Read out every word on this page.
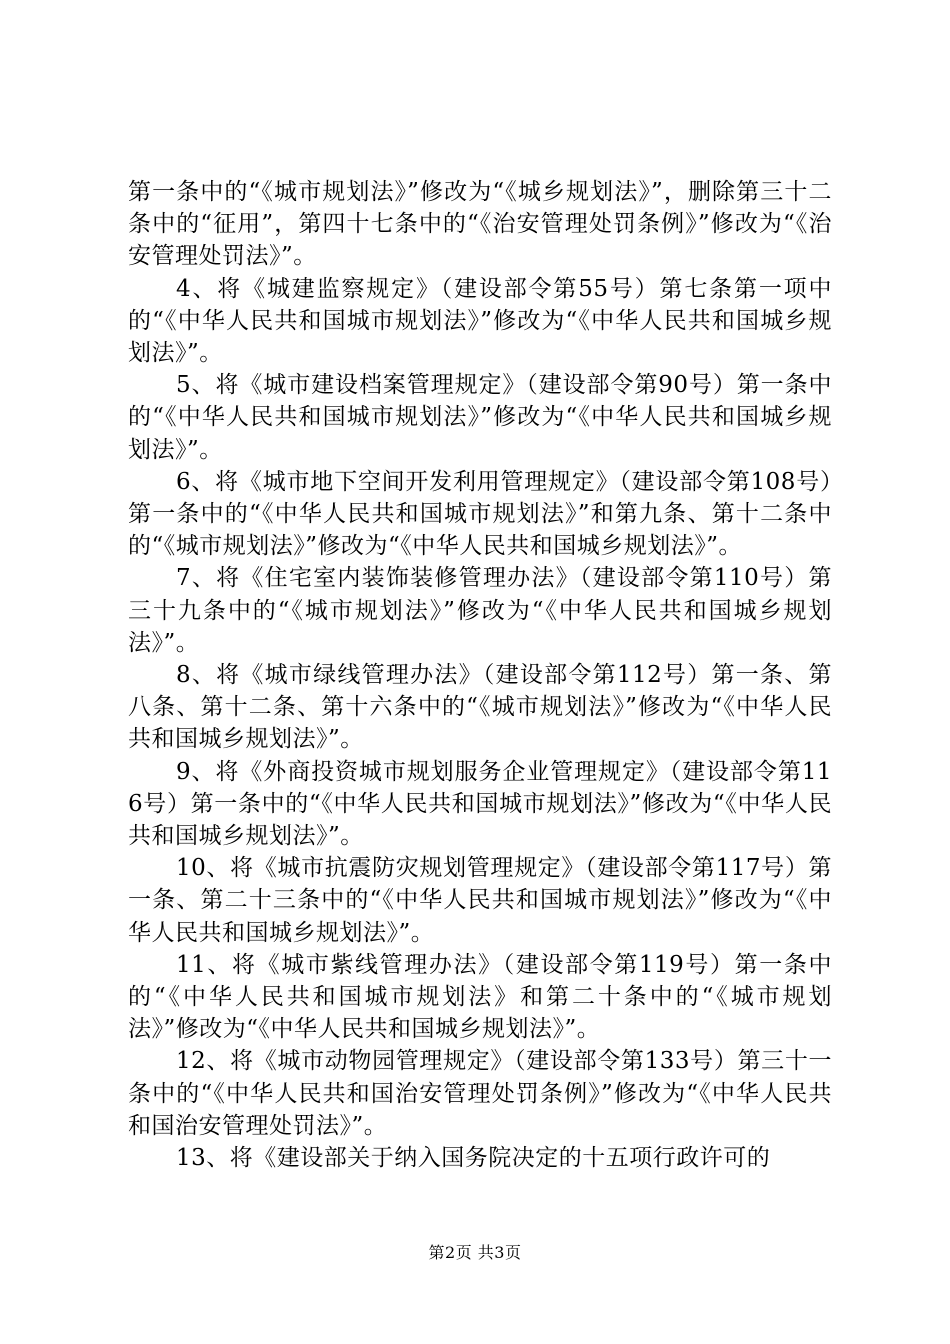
第一条中的“《城市规划法》”修改为“《城乡规划法》”，删除第三十二条中的“征用”，第四十七条中的“《治安管理处罚条例》”修改为“《治安管理处罚法》”。

4、将《城建监察规定》（建设部令第55号）第七条第一项中的“《中华人民共和国城市规划法》”修改为“《中华人民共和国城乡规划法》”。

5、将《城市建设档案管理规定》（建设部令第90号）第一条中的“《中华人民共和国城市规划法》”修改为“《中华人民共和国城乡规划法》”。

6、将《城市地下空间开发利用管理规定》（建设部令第108号）第一条中的“《中华人民共和国城市规划法》”和第九条、第十二条中的“《城市规划法》”修改为“《中华人民共和国城乡规划法》”。

7、将《住宅室内装饰装修管理办法》（建设部令第110号）第三十九条中的“《城市规划法》”修改为“《中华人民共和国城乡规划法》”。

8、将《城市绿线管理办法》（建设部令第112号）第一条、第八条、第十二条、第十六条中的“《城市规划法》”修改为“《中华人民共和国城乡规划法》”。

9、将《外商投资城市规划服务企业管理规定》（建设部令第116号）第一条中的“《中华人民共和国城市规划法》”修改为“《中华人民共和国城乡规划法》”。

10、将《城市抗震防灾规划管理规定》（建设部令第117号）第一条、第二十三条中的“《中华人民共和国城市规划法》”修改为“《中华人民共和国城乡规划法》”。

11、将《城市紫线管理办法》（建设部令第119号）第一条中的“《中华人民共和国城市规划法》和第二十条中的“《城市规划法》”修改为“《中华人民共和国城乡规划法》”。

12、将《城市动物园管理规定》（建设部令第133号）第三十一条中的“《中华人民共和国治安管理处罚条例》”修改为“《中华人民共和国治安管理处罚法》”。

13、将《建设部关于纳入国务院决定的十五项行政许可的

第2页 共3页
